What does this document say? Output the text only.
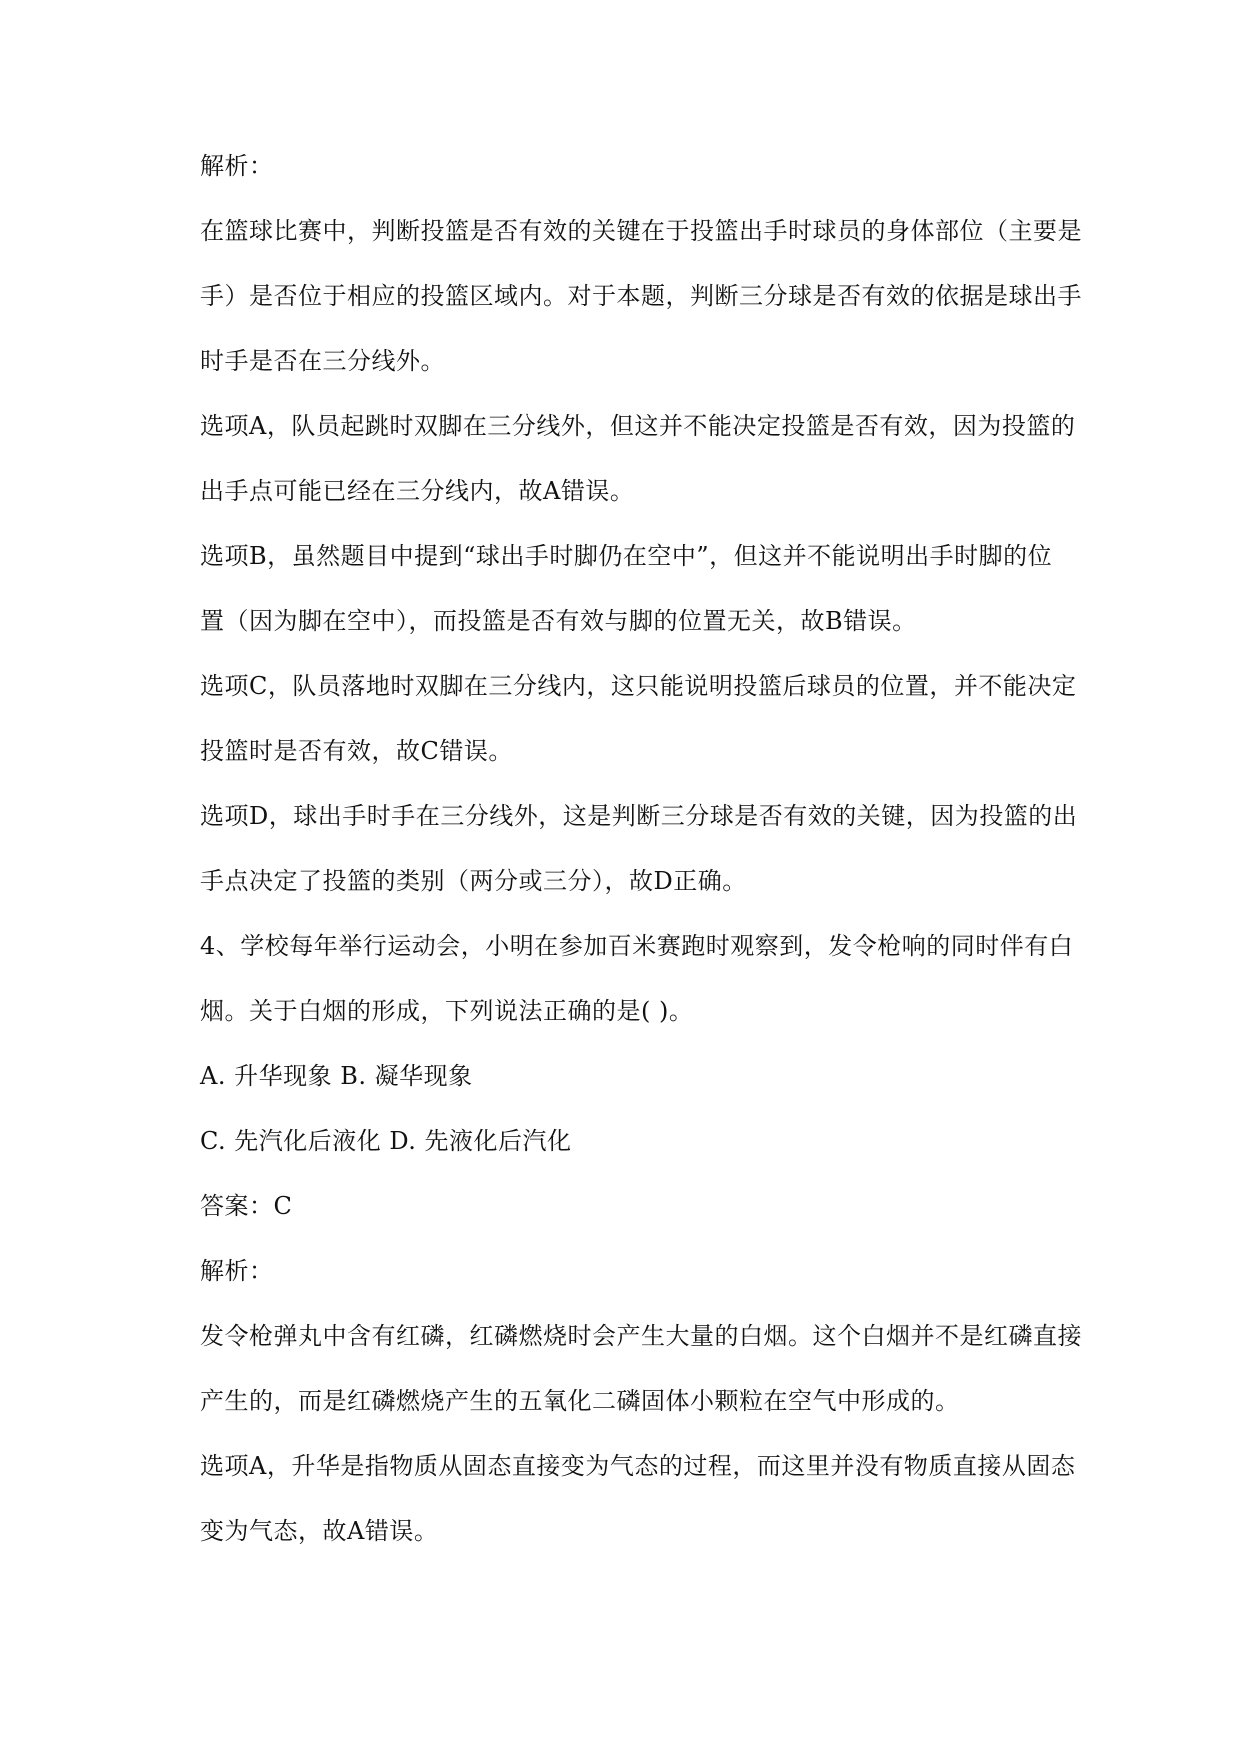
解析：
在篮球比赛中，判断投篮是否有效的关键在于投篮出手时球员的身体部位（主要是
手）是否位于相应的投篮区域内。对于本题，判断三分球是否有效的依据是球出手
时手是否在三分线外。
选项A，队员起跳时双脚在三分线外，但这并不能决定投篮是否有效，因为投篮的
出手点可能已经在三分线内，故A错误。
选项B，虽然题目中提到“球出手时脚仍在空中”，但这并不能说明出手时脚的位
置（因为脚在空中），而投篮是否有效与脚的位置无关，故B错误。
选项C，队员落地时双脚在三分线内，这只能说明投篮后球员的位置，并不能决定
投篮时是否有效，故C错误。
选项D，球出手时手在三分线外，这是判断三分球是否有效的关键，因为投篮的出
手点决定了投篮的类别（两分或三分），故D正确。
4、学校每年举行运动会，小明在参加百米赛跑时观察到，发令枪响的同时伴有白
烟。关于白烟的形成，下列说法正确的是( )。
A. 升华现象 B. 凝华现象
C. 先汽化后液化 D. 先液化后汽化
答案：C
解析：
发令枪弹丸中含有红磷，红磷燃烧时会产生大量的白烟。这个白烟并不是红磷直接
产生的，而是红磷燃烧产生的五氧化二磷固体小颗粒在空气中形成的。
选项A，升华是指物质从固态直接变为气态的过程，而这里并没有物质直接从固态
变为气态，故A错误。
